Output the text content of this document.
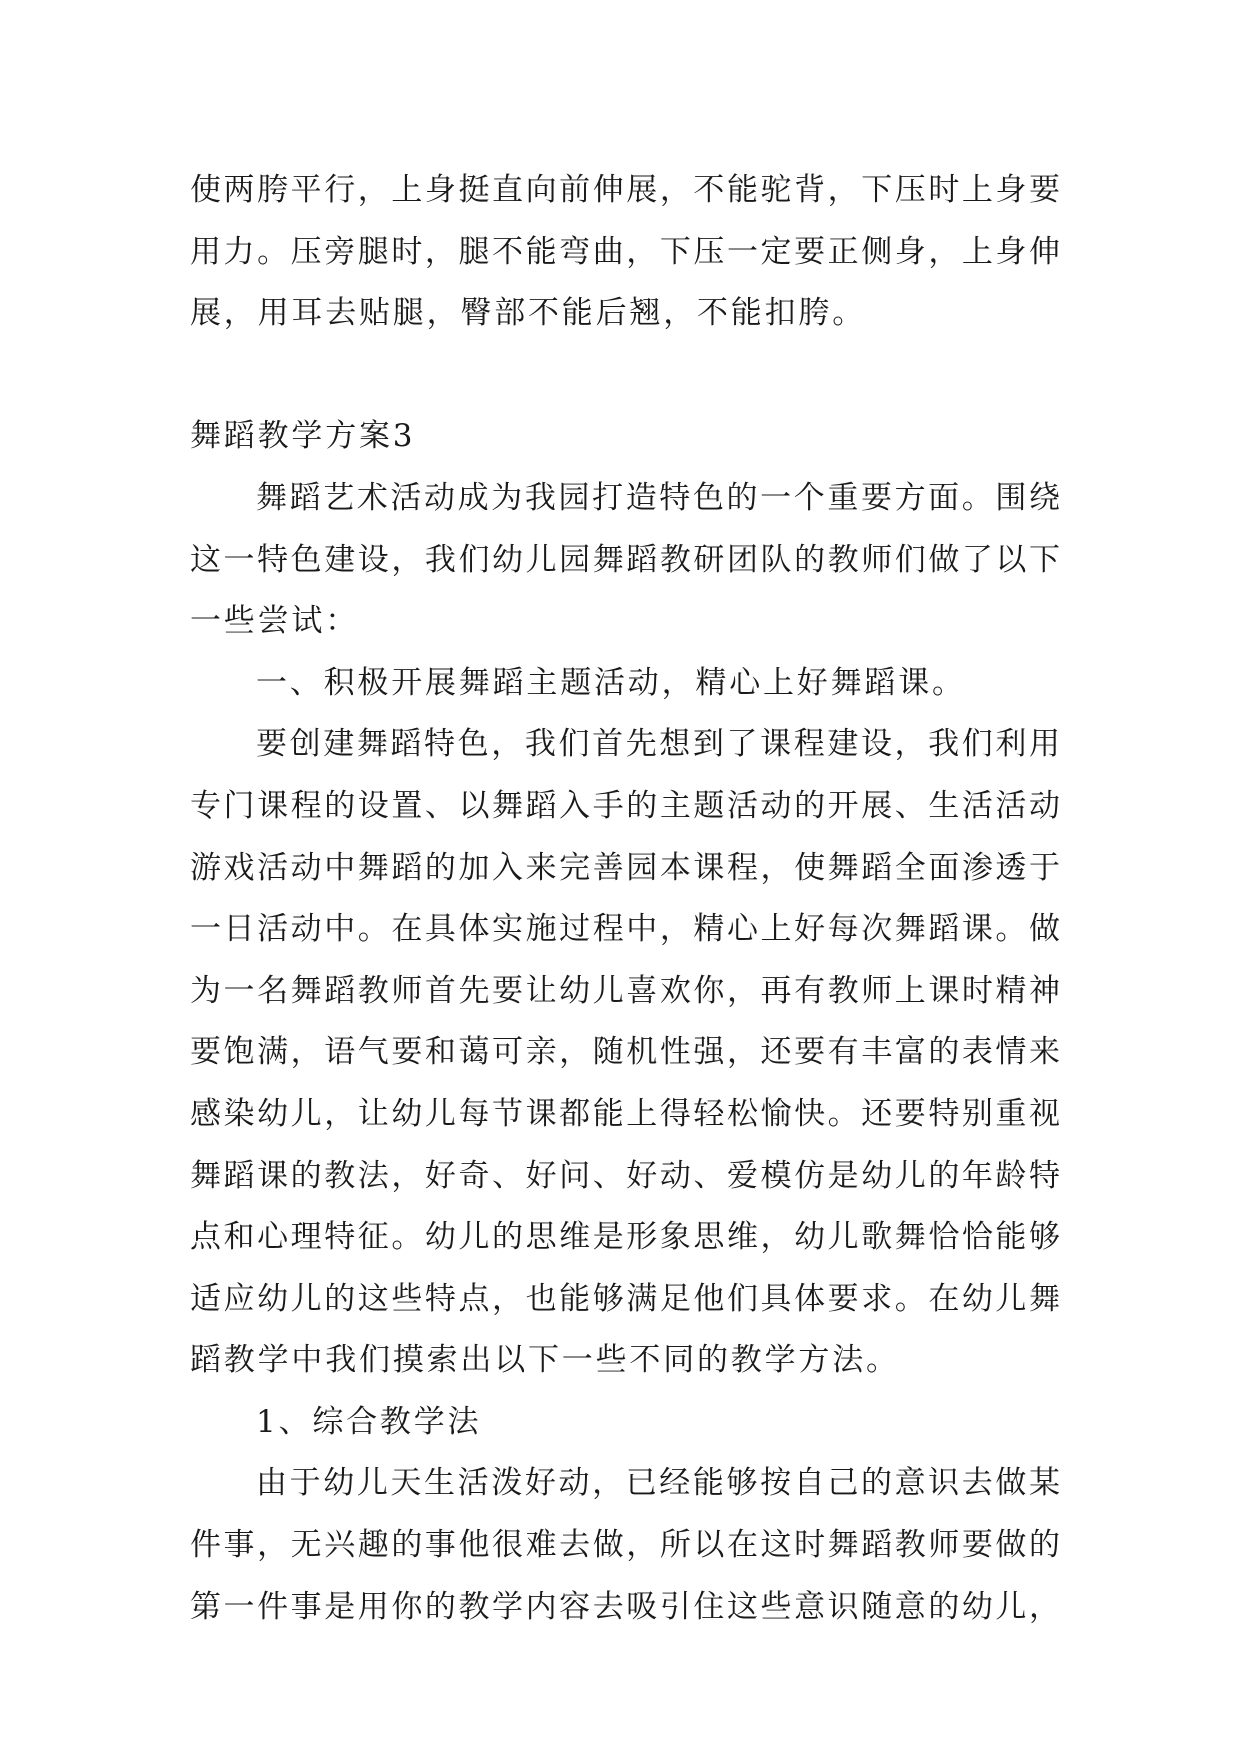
使两胯平行，上身挺直向前伸展，不能驼背，下压时上身要
用力。压旁腿时，腿不能弯曲，下压一定要正侧身，上身伸
展，用耳去贴腿，臀部不能后翘，不能扣胯。
舞蹈教学方案3
舞蹈艺术活动成为我园打造特色的一个重要方面。围绕
这一特色建设，我们幼儿园舞蹈教研团队的教师们做了以下
一些尝试：
一、积极开展舞蹈主题活动，精心上好舞蹈课。
要创建舞蹈特色，我们首先想到了课程建设，我们利用
专门课程的设置、以舞蹈入手的主题活动的开展、生活活动
游戏活动中舞蹈的加入来完善园本课程，使舞蹈全面渗透于
一日活动中。在具体实施过程中，精心上好每次舞蹈课。做
为一名舞蹈教师首先要让幼儿喜欢你，再有教师上课时精神
要饱满，语气要和蔼可亲，随机性强，还要有丰富的表情来
感染幼儿，让幼儿每节课都能上得轻松愉快。还要特别重视
舞蹈课的教法，好奇、好问、好动、爱模仿是幼儿的年龄特
点和心理特征。幼儿的思维是形象思维，幼儿歌舞恰恰能够
适应幼儿的这些特点，也能够满足他们具体要求。在幼儿舞
蹈教学中我们摸索出以下一些不同的教学方法。
1、综合教学法
由于幼儿天生活泼好动，已经能够按自己的意识去做某
件事，无兴趣的事他很难去做，所以在这时舞蹈教师要做的
第一件事是用你的教学内容去吸引住这些意识随意的幼儿，
